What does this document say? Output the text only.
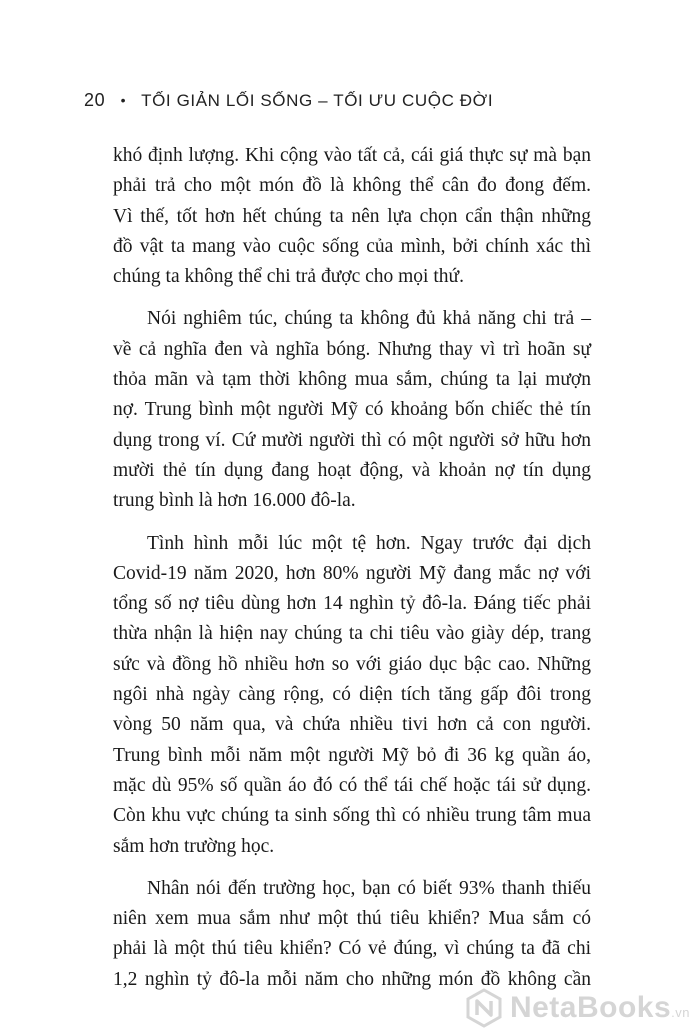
20 • TỐI GIẢN LỐI SỐNG – TỐI ƯU CUỘC ĐỜI
khó định lượng. Khi cộng vào tất cả, cái giá thực sự mà bạn
phải trả cho một món đồ là không thể cân đo đong đếm.
Vì thế, tốt hơn hết chúng ta nên lựa chọn cẩn thận những
đồ vật ta mang vào cuộc sống của mình, bởi chính xác thì
chúng ta không thể chi trả được cho mọi thứ.
Nói nghiêm túc, chúng ta không đủ khả năng chi trả –
về cả nghĩa đen và nghĩa bóng. Nhưng thay vì trì hoãn sự
thỏa mãn và tạm thời không mua sắm, chúng ta lại mượn
nợ. Trung bình một người Mỹ có khoảng bốn chiếc thẻ tín
dụng trong ví. Cứ mười người thì có một người sở hữu hơn
mười thẻ tín dụng đang hoạt động, và khoản nợ tín dụng
trung bình là hơn 16.000 đô-la.
Tình hình mỗi lúc một tệ hơn. Ngay trước đại dịch
Covid-19 năm 2020, hơn 80% người Mỹ đang mắc nợ với
tổng số nợ tiêu dùng hơn 14 nghìn tỷ đô-la. Đáng tiếc phải
thừa nhận là hiện nay chúng ta chi tiêu vào giày dép, trang
sức và đồng hồ nhiều hơn so với giáo dục bậc cao. Những
ngôi nhà ngày càng rộng, có diện tích tăng gấp đôi trong
vòng 50 năm qua, và chứa nhiều tivi hơn cả con người.
Trung bình mỗi năm một người Mỹ bỏ đi 36 kg quần áo,
mặc dù 95% số quần áo đó có thể tái chế hoặc tái sử dụng.
Còn khu vực chúng ta sinh sống thì có nhiều trung tâm mua
sắm hơn trường học.
Nhân nói đến trường học, bạn có biết 93% thanh thiếu
niên xem mua sắm như một thú tiêu khiển? Mua sắm có
phải là một thú tiêu khiển? Có vẻ đúng, vì chúng ta đã chi
1,2 nghìn tỷ đô-la mỗi năm cho những món đồ không cần
NetaBooks.vn
